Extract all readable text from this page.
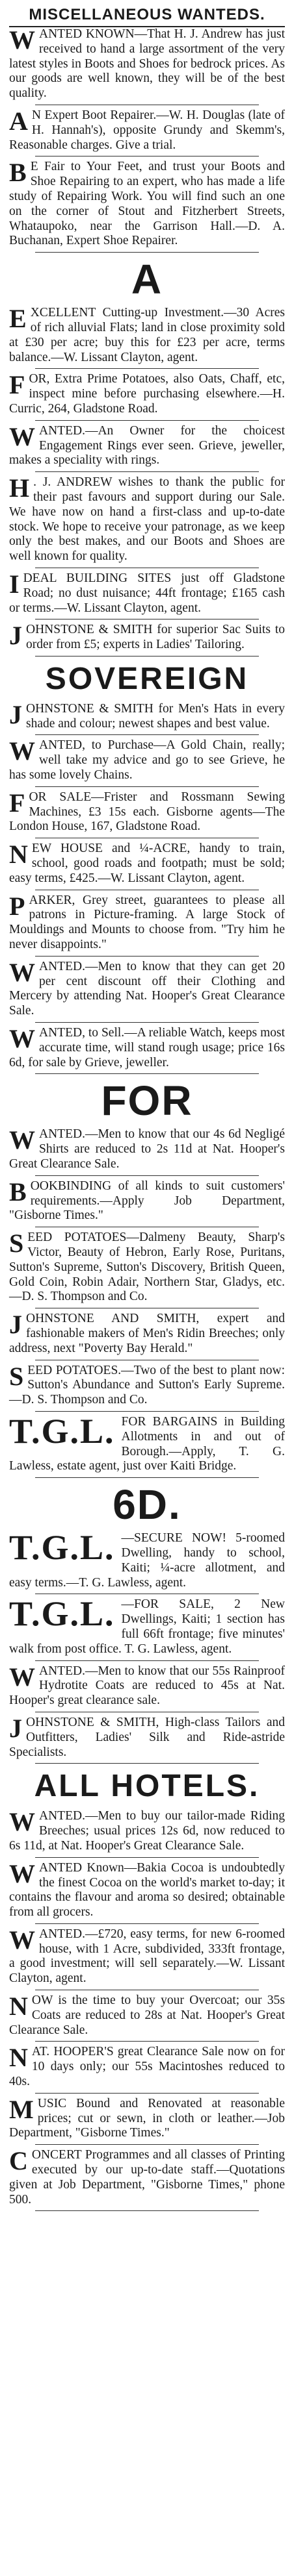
MISCELLANEOUS WANTEDS.
W ANTED KNOWN—That H. J. Andrew has just received to hand a large assortment of the very latest styles in Boots and Shoes for bedrock prices. As our goods are well known, they will be of the best quality.

A N Expert Boot Repairer.—W. H. Douglas (late of H. Hannah's), opposite Grundy and Skemm's, Reasonable charges. Give a trial.

B E Fair to Your Feet, and trust your Boots and Shoe Repairing to an expert, who has made a life study of Repairing Work. You will find such an one on the corner of Stout and Fitzherbert Streets, Whataupoko, near the Garrison Hall.—D. A. Buchanan, Expert Shoe Repairer.

A
E XCELLENT Cutting-up Investment.—30 Acres of rich alluvial Flats; land in close proximity sold at £30 per acre; buy this for £23 per acre, terms balance.—W. Lissant Clayton, agent.

F OR, Extra Prime Potatoes, also Oats, Chaff, etc, inspect mine before purchasing elsewhere.—H. Curric, 264, Gladstone Road.

W ANTED.—An Owner for the choicest Engagement Rings ever seen. Grieve, jeweller, makes a speciality with rings.

H . J. ANDREW wishes to thank the public for their past favours and support during our Sale. We have now on hand a first-class and up-to-date stock. We hope to receive your patronage, as we keep only the best makes, and our Boots and Shoes are well known for quality.

I DEAL BUILDING SITES just off Gladstone Road; no dust nuisance; 44ft frontage; £165 cash or terms.—W. Lissant Clayton, agent.

J OHNSTONE & SMITH for superior Sac Suits to order from £5; experts in Ladies' Tailoring.

SOVEREIGN
J OHNSTONE & SMITH for Men's Hats in every shade and colour; newest shapes and best value.

W ANTED, to Purchase—A Gold Chain, really; well take my advice and go to see Grieve, he has some lovely Chains.

F OR SALE—Frister and Rossmann Sewing Machines, £3 15s each. Gisborne agents—The London House, 167, Gladstone Road.

N EW HOUSE and ¼-ACRE, handy to train, school, good roads and footpath; must be sold; easy terms, £425.—W. Lissant Clayton, agent.

P ARKER, Grey street, guarantees to please all patrons in Picture-framing. A large Stock of Mouldings and Mounts to choose from. "Try him he never disappoints."

W ANTED.—Men to know that they can get 20 per cent discount off their Clothing and Mercery by attending Nat. Hooper's Great Clearance Sale.

W ANTED, to Sell.—A reliable Watch, keeps most accurate time, will stand rough usage; price 16s 6d, for sale by Grieve, jeweller.

FOR
W ANTED.—Men to know that our 4s 6d Negligé Shirts are reduced to 2s 11d at Nat. Hooper's Great Clearance Sale.

B OOKBINDING of all kinds to suit customers' requirements.—Apply Job Department, "Gisborne Times."

S EED POTATOES—Dalmeny Beauty, Sharp's Victor, Beauty of Hebron, Early Rose, Puritans, Sutton's Supreme, Sutton's Discovery, British Queen, Gold Coin, Robin Adair, Northern Star, Gladys, etc.—D. S. Thompson and Co.

J OHNSTONE AND SMITH, expert and fashionable makers of Men's Ridin Breeches; only address, next "Poverty Bay Herald."

S EED POTATOES.—Two of the best to plant now: Sutton's Abundance and Sutton's Early Supreme.—D. S. Thompson and Co.

T.G.L. FOR BARGAINS in Building Allotments in and out of Borough.—Apply, T. G. Lawless, estate agent, just over Kaiti Bridge.

6D.
T.G.L. —SECURE NOW! 5-roomed Dwelling, handy to school, Kaiti; ¼-acre allotment, and easy terms.—T. G. Lawless, agent.

T.G.L. —FOR SALE, 2 New Dwellings, Kaiti; 1 section has full 66ft frontage; five minutes' walk from post office. T. G. Lawless, agent.

W ANTED.—Men to know that our 55s Rainproof Hydrotite Coats are reduced to 45s at Nat. Hooper's great clearance sale.

J OHNSTONE & SMITH, High-class Tailors and Outfitters, Ladies' Silk and Ride-astride Specialists.

ALL HOTELS.
W ANTED.—Men to buy our tailor-made Riding Breeches; usual prices 12s 6d, now reduced to 6s 11d, at Nat. Hooper's Great Clearance Sale.

W ANTED Known—Bakia Cocoa is undoubtedly the finest Cocoa on the world's market to-day; it contains the flavour and aroma so desired; obtainable from all grocers.

W ANTED.—£720, easy terms, for new 6-roomed house, with 1 Acre, subdivided, 333ft frontage, a good investment; will sell separately.—W. Lissant Clayton, agent.

N OW is the time to buy your Overcoat; our 35s Coats are reduced to 28s at Nat. Hooper's Great Clearance Sale.

N AT. HOOPER'S great Clearance Sale now on for 10 days only; our 55s Macintoshes reduced to 40s.

M USIC Bound and Renovated at reasonable prices; cut or sewn, in cloth or leather.—Job Department, "Gisborne Times."

C ONCERT Programmes and all classes of Printing executed by our up-to-date staff.—Quotations given at Job Department, "Gisborne Times," phone 500.
